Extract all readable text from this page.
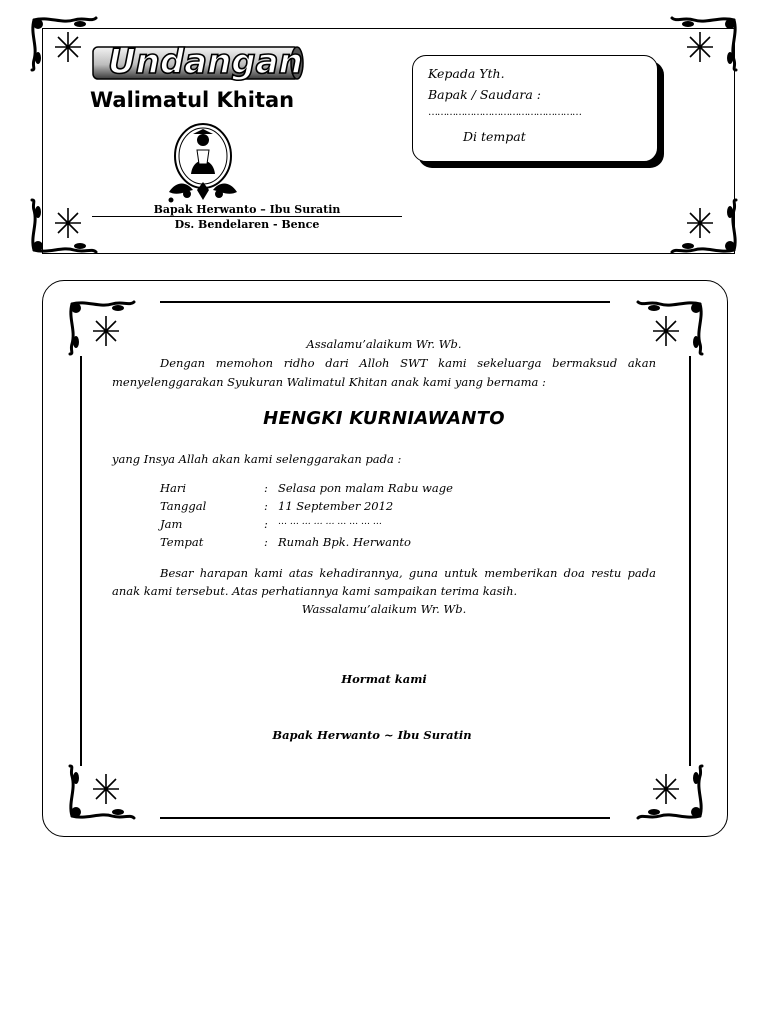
Undangan
Walimatul Khitan
Bapak Herwanto – Ibu Suratin
Ds. Bendelaren - Bence
Kepada Yth.
Bapak / Saudara :
……………………………………………
Di tempat
Assalamu’alaikum Wr. Wb.
Dengan memohon ridho dari Alloh SWT kami sekeluarga bermaksud akan
menyelenggarakan Syukuran Walimatul Khitan anak kami yang bernama :
HENGKI KURNIAWANTO
yang Insya Allah akan kami selenggarakan pada :
Hari	: Selasa pon malam Rabu wage
Tanggal	: 11 September 2012
Jam	: … … … … … … … … …
Tempat	: Rumah Bpk. Herwanto
Besar harapan kami atas kehadirannya, guna untuk memberikan doa restu pada
anak kami tersebut. Atas perhatiannya kami sampaikan terima kasih.
Wassalamu’alaikum Wr. Wb.
Hormat kami
Bapak Herwanto ~ Ibu Suratin
